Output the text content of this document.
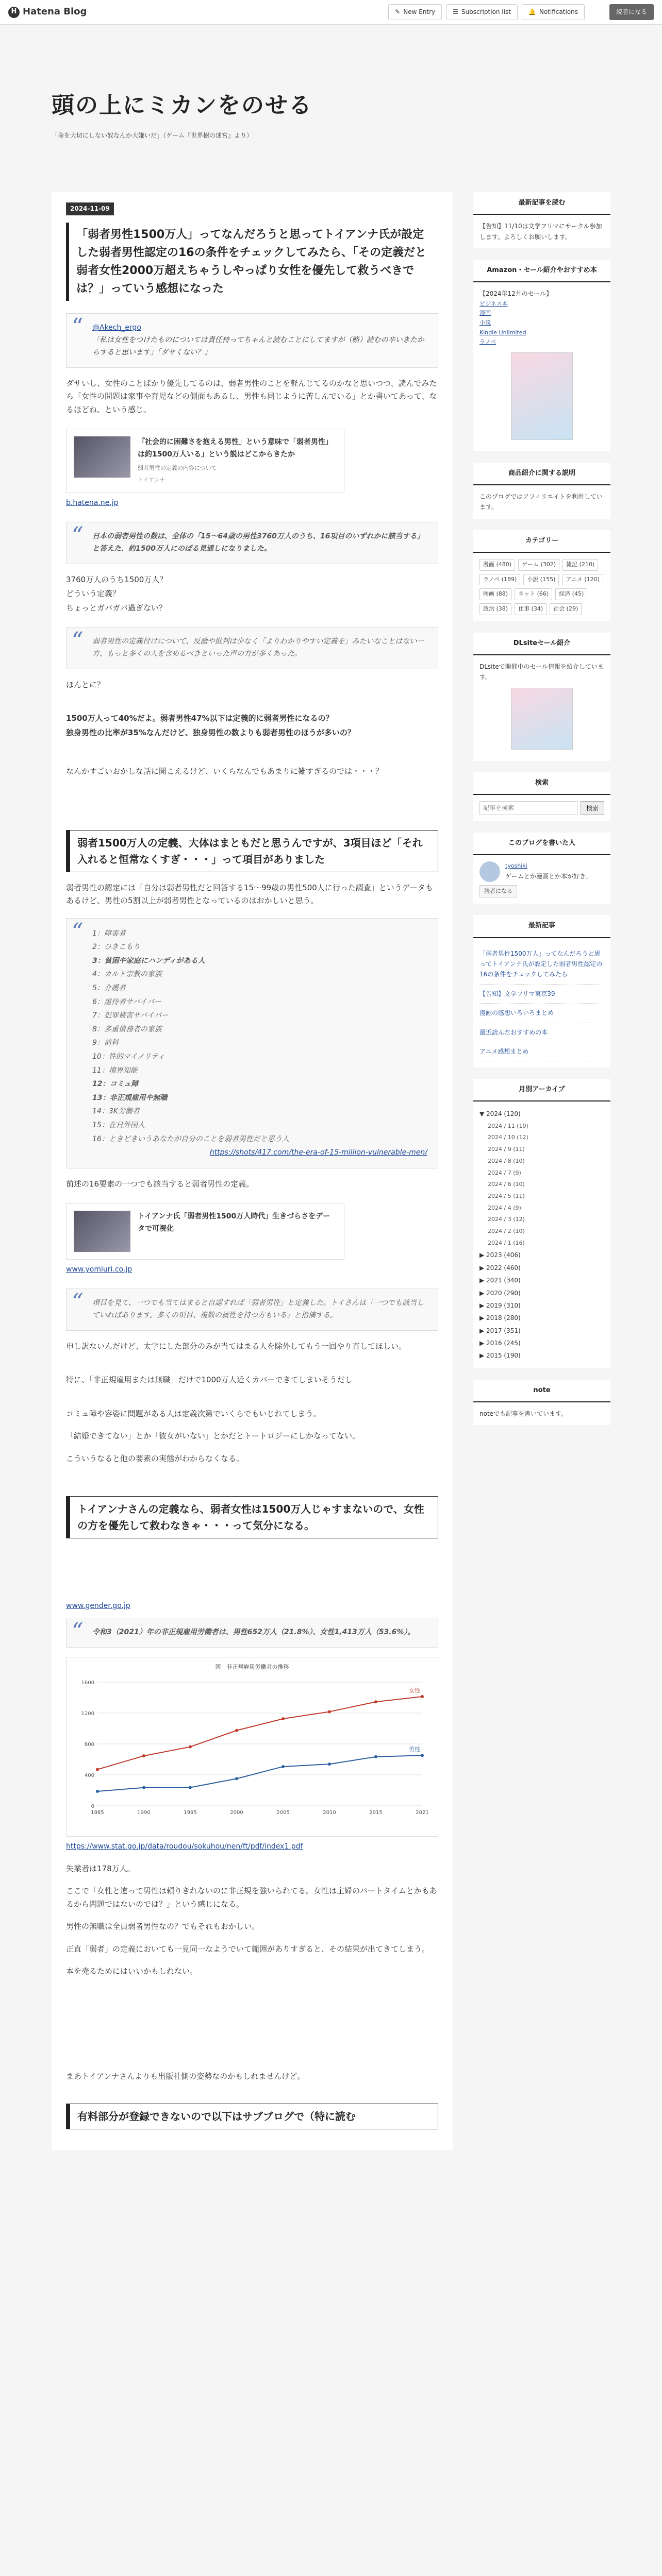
H Hatena Blog	✎ New Entry	☰ Subscription list	🔔 Notifications	読者になる
頭の上にミカンをのせる
「命を大切にしない奴なんか大嫌いだ」（ゲーム『世界樹の迷宮』より）
2024-11-09
「弱者男性1500万人」ってなんだろうと思ってトイアンナ氏が設定した弱者男性認定の16の条件をチェックしてみたら、「その定義だと弱者女性2000万超えちゃうしやっぱり女性を優先して救うべきでは？」っていう感想になった
“ @Akech_ergo

「私は女性をつけたものについては責任持ってちゃんと読むことにしてますが（略）読むの辛いきたからすると思います」「ダサくない？」

ダサいし、女性のことばかり優先してるのは、弱者男性のことを軽んじてるのかなと思いつつ、読んでみたら「女性の問題は家事や育児などの側面もあるし、男性も同じように苦しんでいる」とか書いてあって、なるほどね、という感じ。

『社会的に困難さを抱える男性」という意味で「弱者男性」は約1500万人いる」という説はどこからきたか
弱者男性の定義の内容について
トイアンナ
b.hatena.ne.jp
“ 日本の弱者男性の数は、全体の「15〜64歳の男性3760万人のうち、16項目のいずれかに該当する」と答えた、約1500万人にのぼる見通しになりました。

3760万人のうち1500万人？

どういう定義？

ちょっとガバガバ過ぎない？

“ 弱者男性の定義付けについて、反論や批判は少なく「よりわかりやすい定義を」みたいなことはない一方、もっと多くの人を含めるべきといった声の方が多くあった。

ほんとに？

1500万人って40%だよ。弱者男性47%以下は定義的に弱者男性になるの？

独身男性の比率が35%なんだけど、独身男性の数よりも弱者男性のほうが多いの？

なんかすごいおかしな話に聞こえるけど、いくらなんでもあまりに雑すぎるのでは・・・？

弱者1500万人の定義、大体はまともだと思うんですが、3項目ほど「それ入れると恒常なくすぎ・・・」って項目がありました

弱者男性の認定には「自分は弱者男性だと回答する15〜99歳の男性500人に行った調査」というデータもあるけど、男性の5割以上が弱者男性となっているのはおかしいと思う。

“ 1：障害者
2：ひきこもり
3：貧困や家庭にハンディがある人
4：カルト宗教の家族
5：介護者
6：虐待者サバイバー
7：犯罪被害サバイバー
8：多重債務者の家族
9：前科
10：性的マイノリティ
11：境界知能
12：コミュ障
13：非正規雇用や無職
14：3K労働者
15：在日外国人
16：ときどきいうあなたが自分のことを弱者男性だと思う人
https://shots/417.com/the-era-of-15-million-vulnerable-men/

前述の16要素の一つでも該当すると弱者男性の定義。

トイアンナ氏「弱者男性1500万人時代」生きづらさをデータで可視化
www.yomiuri.co.jp
“ 項目を見て、一つでも当てはまると自認すれば「弱者男性」と定義した。トイさんは「一つでも該当していればあります。多くの項目、複数の属性を持つ方もいる」と指摘する。

申し訳ないんだけど、太字にした部分のみが当てはまる人を除外してもう一回やり直してほしい。

特に、「非正規雇用または無職」だけで1000万人近くカバーできてしまいそうだし

コミュ障や容姿に問題がある人は定義次第でいくらでもいじれてしまう。

「結婚できてない」とか「彼女がいない」とかだとトートロジーにしかなってない。

こういうなると他の要素の実態がわからなくなる。

トイアンナさんの定義なら、弱者女性は1500万人じゃすまないので、女性の方を優先して救わなきゃ・・・って気分になる。
www.gender.go.jp
“ 令和3（2021）年の非正規雇用労働者は、男性652万人（21.8%）、女性1,413万人（53.6%）。
図　非正規雇用労働者の推移
0
400
800
1200
1600
1985	1990	1995	2000	2005	2010	2015	2021
女性
男性
https://www.stat.go.jp/data/roudou/sokuhou/nen/ft/pdf/index1.pdf

失業者は178万人。

ここで「女性と違って男性は頼りきれないのに非正規を強いられてる。女性は主婦のパートタイムとかもあるから問題ではないのでは？」という感じになる。

男性の無職は全員弱者男性なの？でもそれもおかしい。

正直「弱者」の定義においても一見同一なようでいて範囲がありすぎると、その結果が出てきてしまう。

本を売るためにはいいかもしれない。

まあトイアンナさんよりも出版社側の姿勢なのかもしれませんけど。

有料部分が登録できないので以下はサブブログで（特に読む
最新記事を読む
【告知】11/10は文学フリマにサークル参加します。よろしくお願いします。
Amazon・セール紹介やおすすめ本
【2024年12月のセール】
ビジネス本
漫画
小説
Kindle Unlimited
ラノベ
商品紹介に関する説明
このブログではアフィリエイトを利用しています。
カテゴリー
漫画 (480)	ゲーム (302)	雑記 (210)
ラノベ (189)	小説 (155)	アニメ (120)
映画 (88)	ネット (66)	経済 (45)
政治 (38)	仕事 (34)	社会 (29)
DLsiteセール紹介
DLsiteで開催中のセール情報を紹介しています。
検索
記事を検索
検索
このブログを書いた人
tyoshiki
ゲームとか漫画とか本が好き。
読者になる
最新記事
「弱者男性1500万人」ってなんだろうと思ってトイアンナ氏が設定した弱者男性認定の16の条件をチェックしてみたら
【告知】文学フリマ東京39
漫画の感想いろいろまとめ
最近読んだおすすめの本
アニメ感想まとめ
月別アーカイブ
▼ 2024 (120)
2024 / 11 (10)
2024 / 10 (12)
2024 / 9 (11)
2024 / 8 (10)
2024 / 7 (9)
2024 / 6 (10)
2024 / 5 (11)
2024 / 4 (9)
2024 / 3 (12)
2024 / 2 (10)
2024 / 1 (16)
▶ 2023 (406)
▶ 2022 (460)
▶ 2021 (340)
▶ 2020 (290)
▶ 2019 (310)
▶ 2018 (280)
▶ 2017 (351)
▶ 2016 (245)
▶ 2015 (190)
note
noteでも記事を書いています。
